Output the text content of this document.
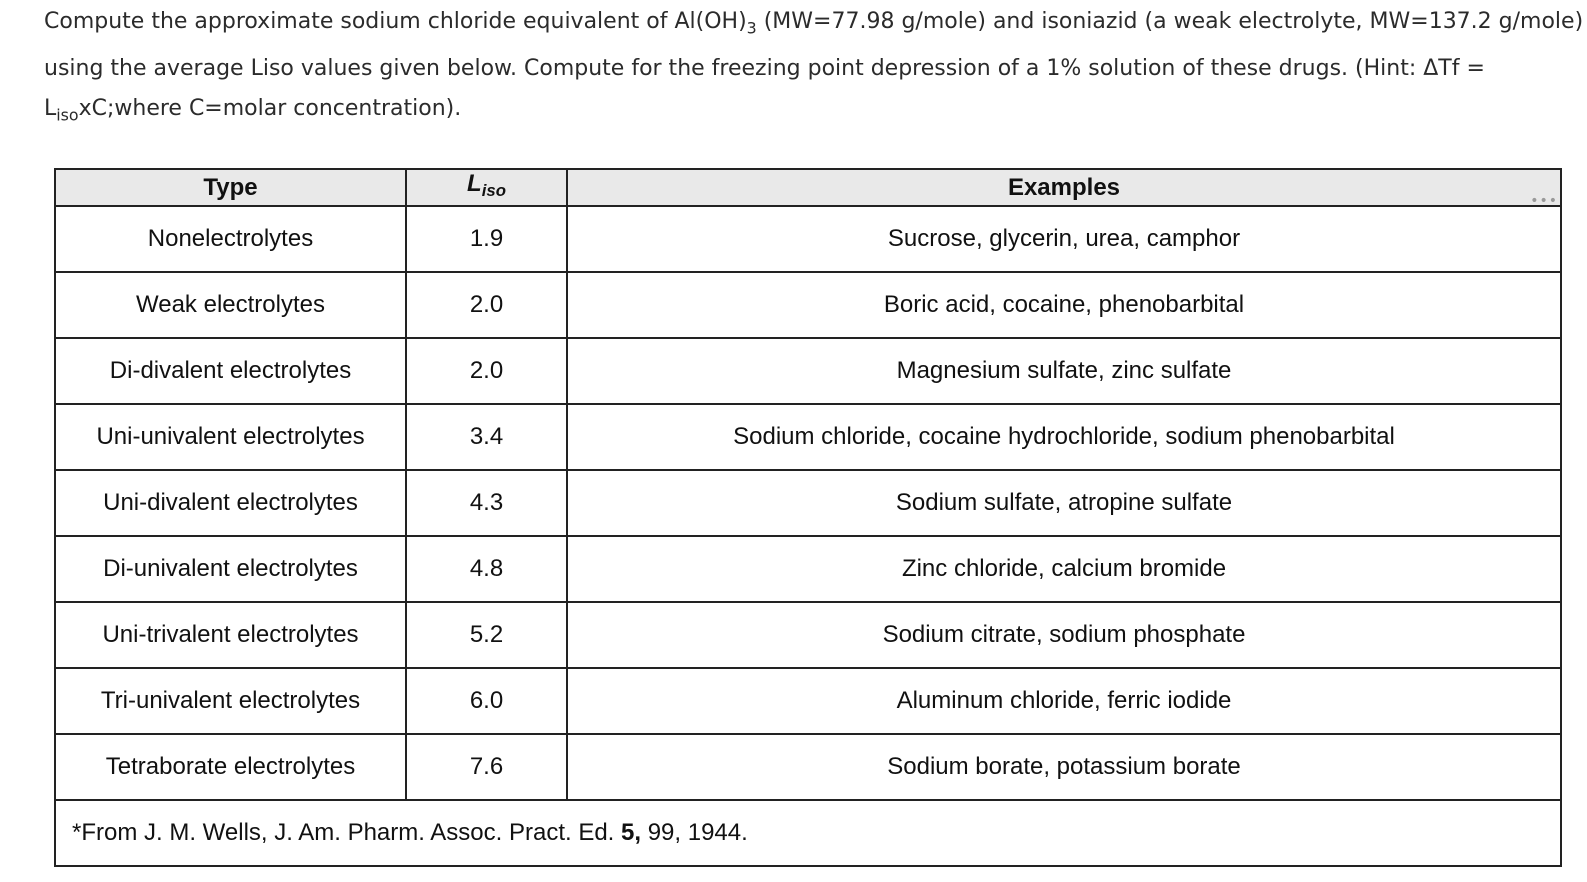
Compute the approximate sodium chloride equivalent of $Al(OH)_3$ (MW=77.98 g/mole) and isoniazid (a weak electrolyte, MW=137.2 g/mole) using the average Liso values given below. Compute for the freezing point depression of a 1% solution of these drugs. (Hint: $\Delta Tf = L_{iso}xC;where$ C=molar concentration).
•••
Type	$L_{iso}$	Examples
Nonelectrolytes	1.9	Sucrose, glycerin, urea, camphor
Weak electrolytes	2.0	Boric acid, cocaine, phenobarbital
Di-divalent electrolytes	2.0	Magnesium sulfate, zinc sulfate
Uni-univalent electrolytes	3.4	Sodium chloride, cocaine hydrochloride, sodium phenobarbital
Uni-divalent electrolytes	4.3	Sodium sulfate, atropine sulfate
Di-univalent electrolytes	4.8	Zinc chloride, calcium bromide
Uni-trivalent electrolytes	5.2	Sodium citrate, sodium phosphate
Tri-univalent electrolytes	6.0	Aluminum chloride, ferric iodide
Tetraborate electrolytes	7.6	Sodium borate, potassium borate
*From J. M. Wells, J. Am. Pharm. Assoc. Pract. Ed. 5, 99, 1944.		
